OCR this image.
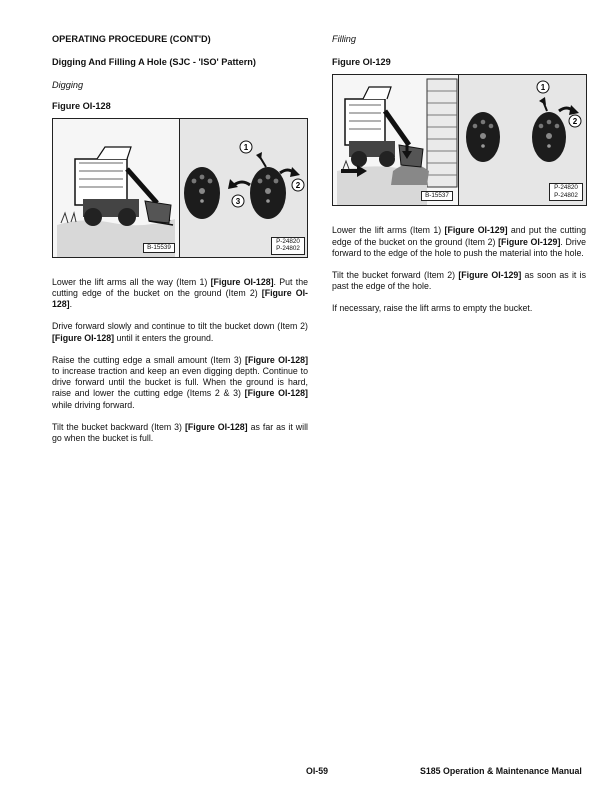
OPERATING PROCEDURE (CONT'D)
Digging And Filling A Hole (SJC - 'ISO' Pattern)
Digging
Figure OI-128
1
2
3
B-15539
P-24820
P-24802

Lower the lift arms all the way (Item 1) [Figure OI-128]. Put the cutting edge of the bucket on the ground (Item 2) [Figure OI-128].

Drive forward slowly and continue to tilt the bucket down (Item 2) [Figure OI-128] until it enters the ground.

Raise the cutting edge a small amount (Item 3) [Figure OI-128] to increase traction and keep an even digging depth. Continue to drive forward until the bucket is full. When the ground is hard, raise and lower the cutting edge (Items 2 & 3) [Figure OI-128] while driving forward.

Tilt the bucket backward (Item 3) [Figure OI-128] as far as it will go when the bucket is full.

Filling
Figure OI-129
1
2
B-15537
P-24820
P-24802

Lower the lift arms (Item 1) [Figure OI-129] and put the cutting edge of the bucket on the ground (Item 2) [Figure OI-129]. Drive forward to the edge of the hole to push the material into the hole.

Tilt the bucket forward (Item 2) [Figure OI-129] as soon as it is past the edge of the hole.

If necessary, raise the lift arms to empty the bucket.

OI-59	S185 Operation & Maintenance Manual
